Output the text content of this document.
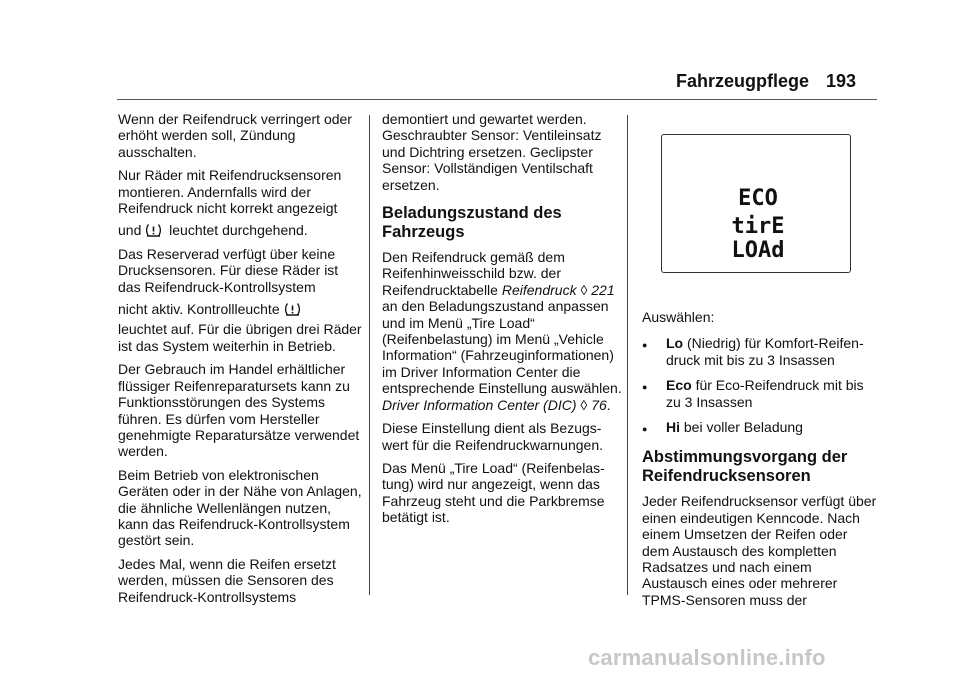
Fahrzeugpflege 193

Wenn der Reifendruck verringert oder erhöht werden soll, Zündung ausschalten.

Nur Räder mit Reifendrucksensoren montieren. Andernfalls wird der Reifendruck nicht korrekt angezeigt
und leuchtet durchgehend.

Das Reserverad verfügt über keine Drucksensoren. Für diese Räder ist das Reifendruck-Kontrollsystem
nicht aktiv. Kontrollleuchte
leuchtet auf. Für die übrigen drei Räder ist das System weiterhin in Betrieb.

Der Gebrauch im Handel erhältlicher flüssiger Reifenreparatursets kann zu Funktionsstörungen des Systems führen. Es dürfen vom Hersteller genehmigte Reparatursätze verwendet werden.

Beim Betrieb von elektronischen Geräten oder in der Nähe von Anlagen, die ähnliche Wellenlängen nutzen, kann das Reifendruck-Kontrollsystem gestört sein.

Jedes Mal, wenn die Reifen ersetzt werden, müssen die Sensoren des Reifendruck-Kontrollsystems

demontiert und gewartet werden. Geschraubter Sensor: Ventileinsatz und Dichtring ersetzen. Geclipster Sensor: Vollständigen Ventilschaft ersetzen.

Beladungszustand des Fahrzeugs

Den Reifendruck gemäß dem Reifenhinweisschild bzw. der Reifendrucktabelle Reifendruck ◊ 221 an den Beladungszustand anpassen und im Menü „Tire Load“ (Reifenbelastung) im Menü „Vehicle Information“ (Fahrzeuginformationen) im Driver Information Center die entsprechende Einstellung auswählen. Driver Information Center (DIC) ◊ 76.

Diese Einstellung dient als Bezugswert für die Reifendruckwarnungen.

Das Menü „Tire Load“ (Reifenbelastung) wird nur angezeigt, wenn das Fahrzeug steht und die Parkbremse betätigt ist.

ECO
tirE
LOAd

Auswählen:

●	Lo (Niedrig) für Komfort-Reifendruck mit bis zu 3 Insassen
●	Eco für Eco-Reifendruck mit bis zu 3 Insassen
●	Hi bei voller Beladung
Abstimmungsvorgang der Reifendrucksensoren

Jeder Reifendrucksensor verfügt über einen eindeutigen Kenncode. Nach einem Umsetzen der Reifen oder dem Austausch des kompletten Radsatzes und nach einem Austausch eines oder mehrerer TPMS-Sensoren muss der

carmanualsonline.info
